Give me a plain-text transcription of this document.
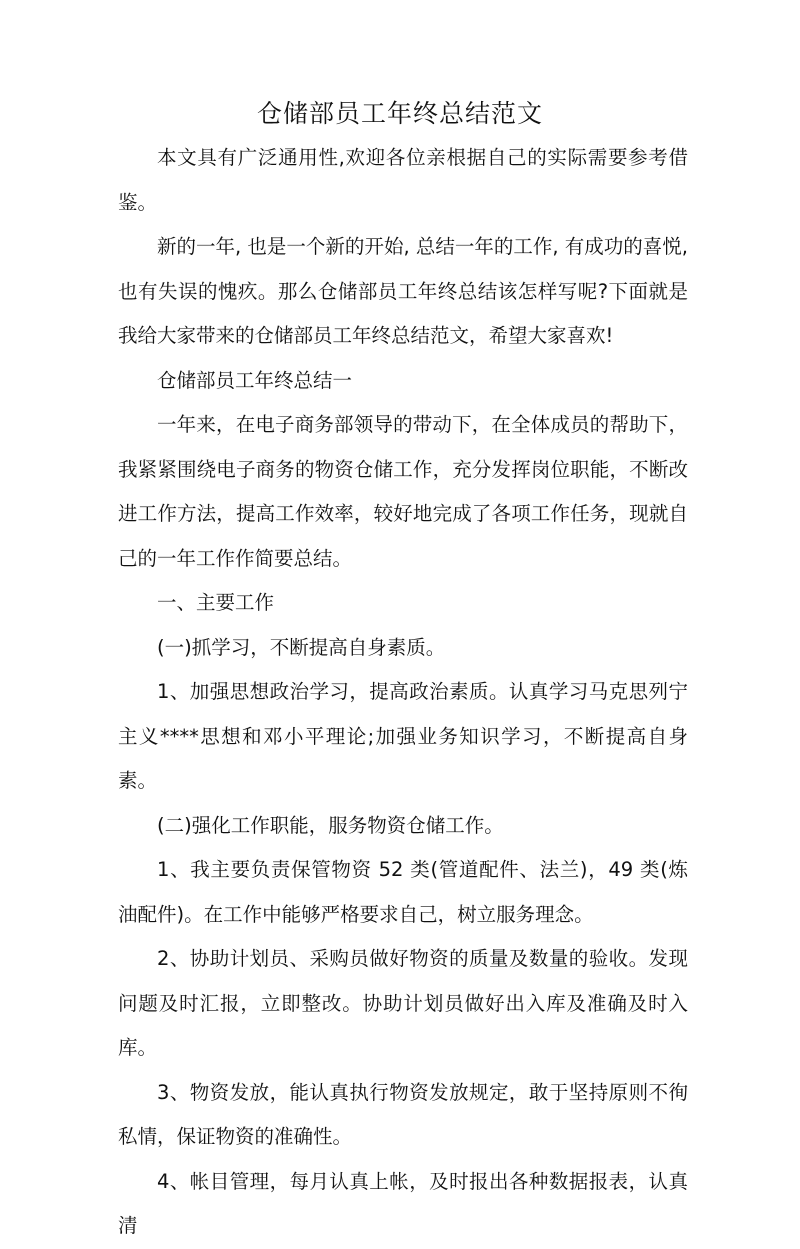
仓储部员工年终总结范文

本文具有广泛通用性,欢迎各位亲根据自己的实际需要参考借鉴。

新的一年, 也是一个新的开始, 总结一年的工作, 有成功的喜悦, 也有失误的愧疚。那么仓储部员工年终总结该怎样写呢?下面就是我给大家带来的仓储部员工年终总结范文，希望大家喜欢!

仓储部员工年终总结一

一年来，在电子商务部领导的带动下，在全体成员的帮助下，我紧紧围绕电子商务的物资仓储工作，充分发挥岗位职能，不断改进工作方法，提高工作效率，较好地完成了各项工作任务，现就自己的一年工作作简要总结。

一、主要工作

(一)抓学习，不断提高自身素质。

1、加强思想政治学习，提高政治素质。认真学习马克思列宁主义****思想和邓小平理论;加强业务知识学习，不断提高自身素。

(二)强化工作职能，服务物资仓储工作。

1、我主要负责保管物资 52 类(管道配件、法兰)，49 类(炼油配件)。在工作中能够严格要求自己，树立服务理念。

2、协助计划员、采购员做好物资的质量及数量的验收。发现问题及时汇报，立即整改。协助计划员做好出入库及准确及时入库。

3、物资发放，能认真执行物资发放规定，敢于坚持原则不徇私情，保证物资的准确性。

4、帐目管理，每月认真上帐，及时报出各种数据报表，认真清
